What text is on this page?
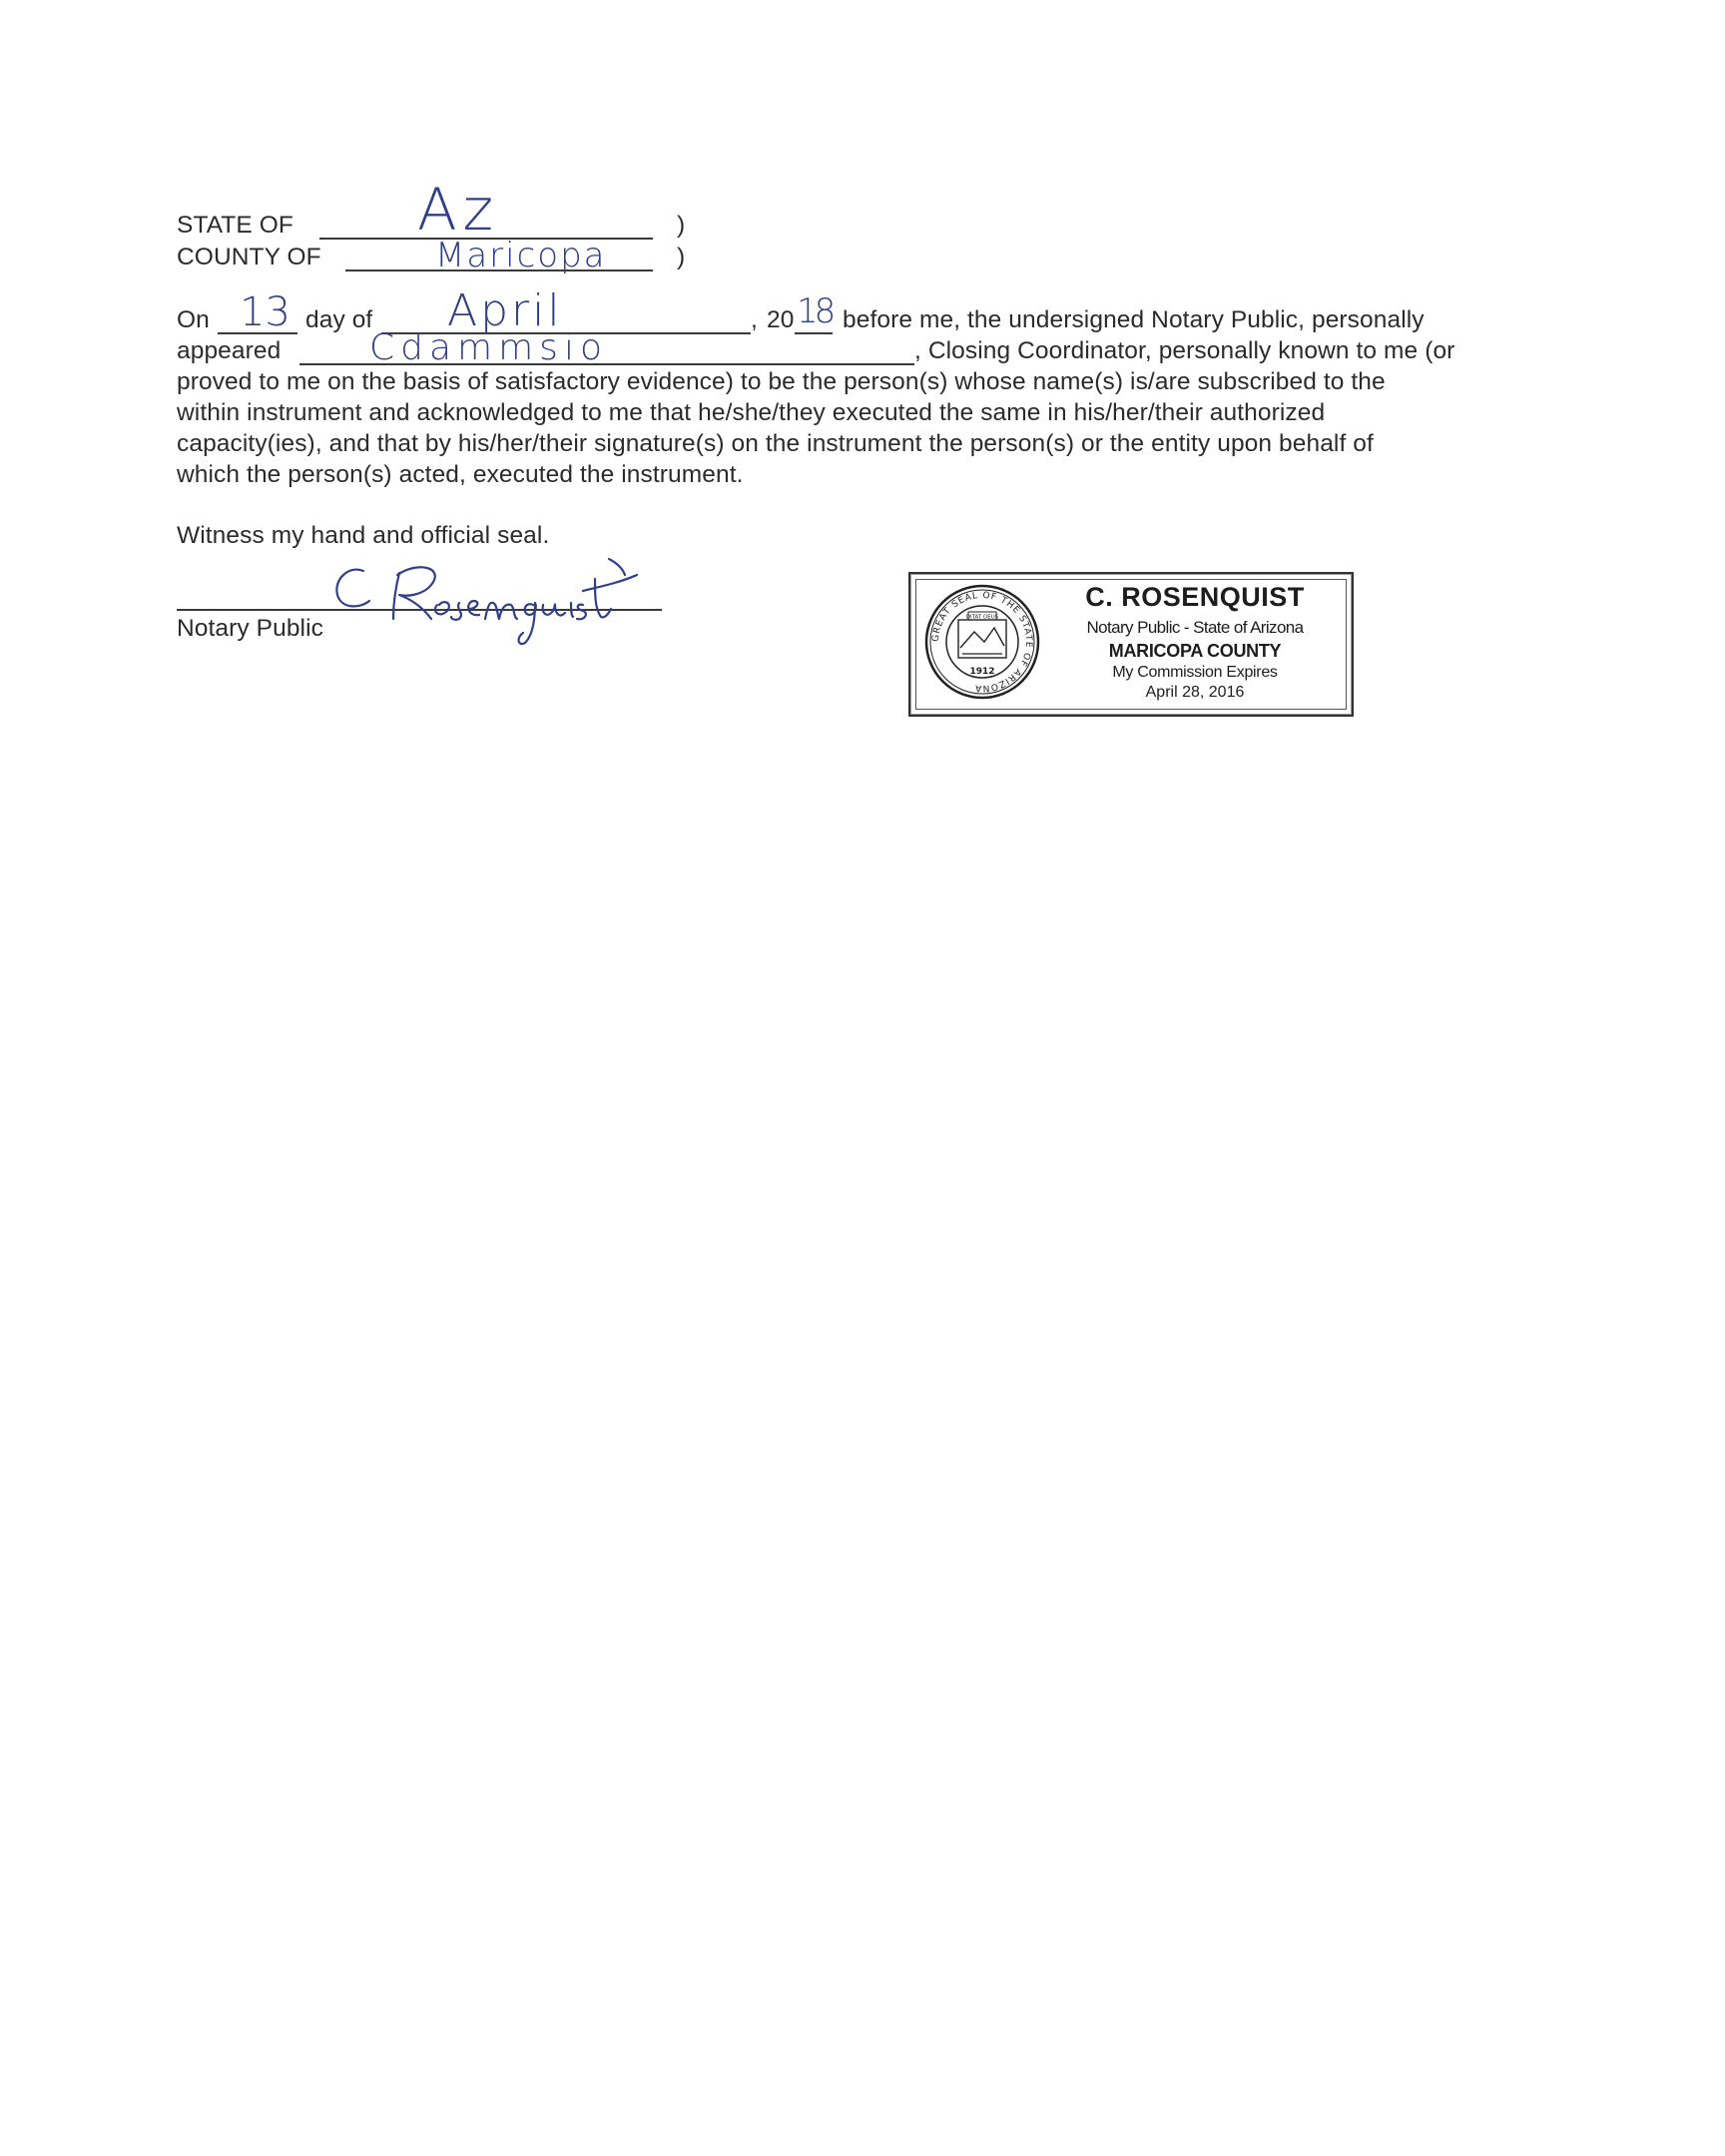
STATE OF Az	)
COUNTY OF	Maricopa	)
On 13 day of April	, 20 18 before me, the undersigned Notary Public, personally
appeared Cdammsio	, Closing Coordinator, personally known to me (or
proved to me on the basis of satisfactory evidence) to be the person(s) whose name(s) is/are subscribed to the
within instrument and acknowledged to me that he/she/they executed the same in his/her/their authorized
capacity(ies), and that by his/her/their signature(s) on the instrument the person(s) or the entity upon behalf of
which the person(s) acted, executed the instrument.
Witness my hand and official seal.
Notary Public	GREAT SEAL OF THE STATE OF ARIZONA
DITAT DEUS
1912
C. ROSENQUIST
Notary Public - State of Arizona
MARICOPA COUNTY
My Commission Expires
April 28, 2016
